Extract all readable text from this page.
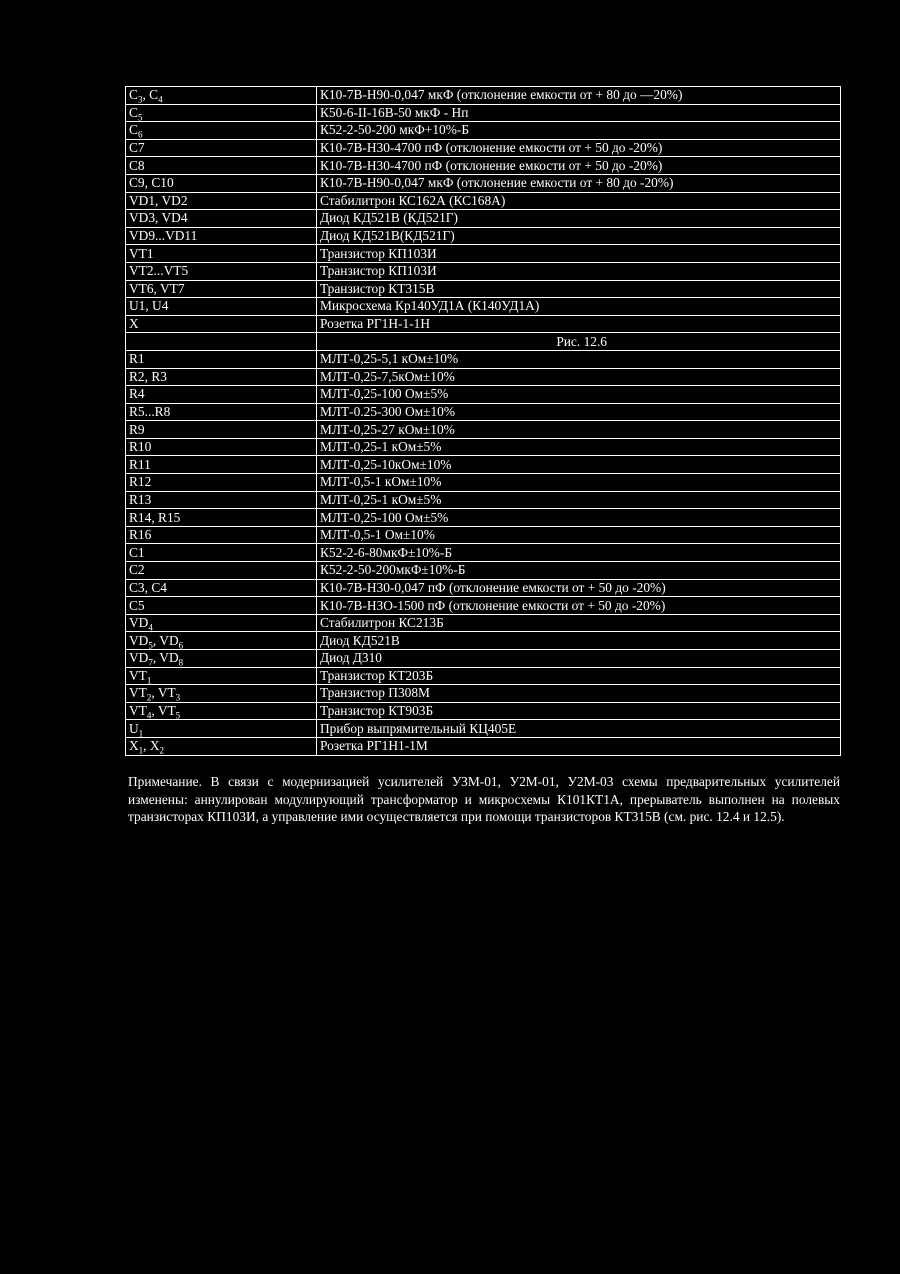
$C_3$, $C_4$	К10-7В-Н90-0,047 мкФ (отклонение емкости от + 80 до —20%)
$C_5$	К50-6-II-16В-50 мкФ - Нп
$C_6$	К52-2-50-200 мкФ+10%-Б
С7	К10-7В-Н30-4700 пФ (отклонение емкости от + 50 до -20%)
C8	К10-7В-Н30-4700 пФ (отклонение емкости от + 50 до -20%)
С9, С10	К10-7В-Н90-0,047 мкФ (отклонение емкости от + 80 до -20%)
VD1, VD2	Стабилитрон КС162А (КС168А)
VD3, VD4	Диод КД521В (КД521Г)
VD9...VD11	Диод КД521В(КД521Г)
VT1	Транзистор КП103И
VT2...VT5	Транзистор КП103И
VT6, VT7	Транзистор КТ315В
U1, U4	Микросхема Кр140УД1А (К140УД1А)
X	Розетка РГ1Н-1-1Н
	Рис. 12.6
R1	МЛТ-0,25-5,1 кОм±10%
R2, R3	МЛТ-0,25-7,5кОм±10%
R4	МЛТ-0,25-100 Ом±5%
R5...R8	МЛТ-0.25-300 Ом±10%
R9	МЛТ-0,25-27 кОм±10%
R10	МЛТ-0,25-1 кОм±5%
R11	МЛТ-0,25-10кОм±10%
R12	МЛТ-0,5-1 кОм±10%
R13	МЛТ-0,25-1 кОм±5%
R14, R15	МЛТ-0,25-100 Ом±5%
R16	МЛТ-0,5-1 Ом±10%
C1	К52-2-6-80мкФ±10%-Б
C2	К52-2-50-200мкФ±10%-Б
С3, С4	К10-7В-Н30-0,047 пФ (отклонение емкости от + 50 до -20%)
С5	К10-7В-НЗО-1500 пФ (отклонение емкости от + 50 до -20%)
$VD_4$	Стабилитрон КС213Б
$VD_5$, $VD_6$	Диод КД521В
$VD_7$, $VD_8$	Диод Д310
$VT_1$	Транзистор КТ203Б
$VT_2$, $VT_3$	Транзистор П308М
$VT_4$, $VT_5$	Транзистор КТ903Б
$U_1$	Прибор выпрямительный КЦ405Е
$X_1$, $X_2$	Розетка РГ1Н1-1М

Примечание. В связи с модернизацией усилителей УЗМ-01, У2М-01, У2М-03 схемы предварительных усилителей изменены: аннулирован модулирующий трансформатор и микросхемы К101КТ1А, прерыватель выполнен на полевых транзисторах КП103И, а управление ими осуществляется при помощи транзисторов КТ315В (см. рис. 12.4 и 12.5).
